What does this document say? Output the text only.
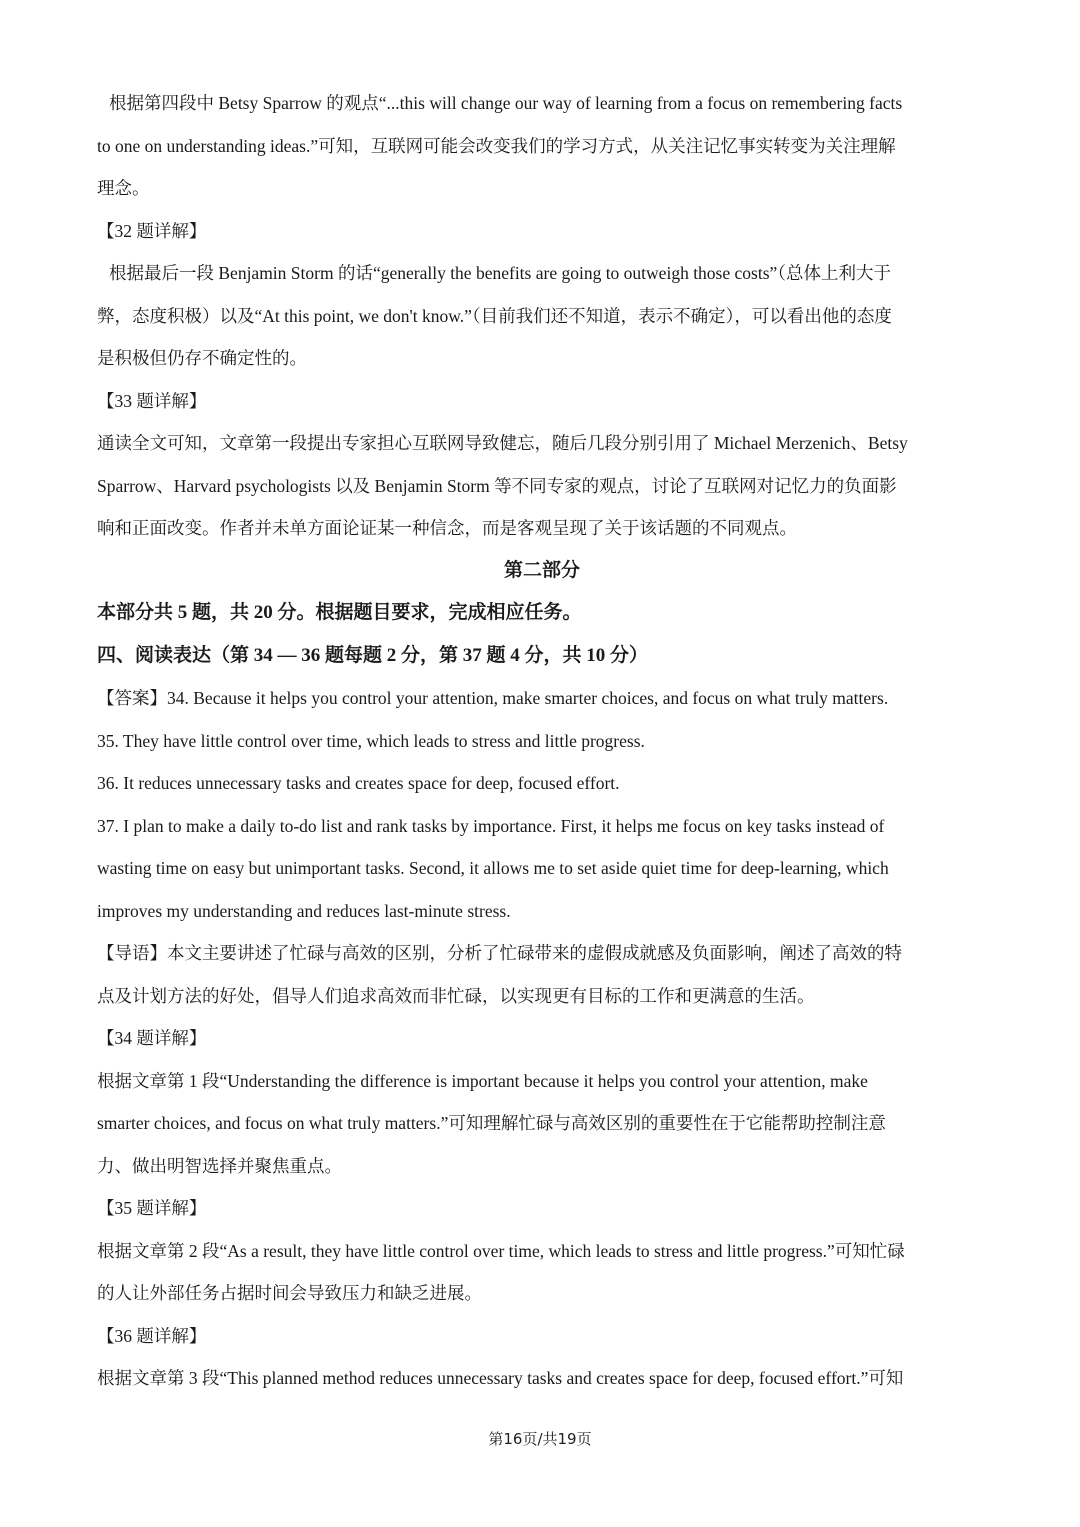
根据第四段中 Betsy Sparrow 的观点“...this will change our way of learning from a focus on remembering facts
to one on understanding ideas.”可知，互联网可能会改变我们的学习方式，从关注记忆事实转变为关注理解
理念。
【32 题详解】
根据最后一段 Benjamin Storm 的话“generally the benefits are going to outweigh those costs”（总体上利大于
弊，态度积极）以及“At this point, we don't know.”（目前我们还不知道，表示不确定），可以看出他的态度
是积极但仍存不确定性的。
【33 题详解】
通读全文可知，文章第一段提出专家担心互联网导致健忘，随后几段分别引用了 Michael Merzenich、Betsy
Sparrow、Harvard psychologists 以及 Benjamin Storm 等不同专家的观点，讨论了互联网对记忆力的负面影
响和正面改变。作者并未单方面论证某一种信念，而是客观呈现了关于该话题的不同观点。
第二部分
本部分共 5 题，共 20 分。根据题目要求，完成相应任务。
四、阅读表达（第 34 — 36 题每题 2 分，第 37 题 4 分，共 10 分）
【答案】34. Because it helps you control your attention, make smarter choices, and focus on what truly matters.
35. They have little control over time, which leads to stress and little progress.
36. It reduces unnecessary tasks and creates space for deep, focused effort.
37. I plan to make a daily to-do list and rank tasks by importance. First, it helps me focus on key tasks instead of
wasting time on easy but unimportant tasks. Second, it allows me to set aside quiet time for deep-learning, which
improves my understanding and reduces last-minute stress.
【导语】本文主要讲述了忙碌与高效的区别，分析了忙碌带来的虚假成就感及负面影响，阐述了高效的特
点及计划方法的好处，倡导人们追求高效而非忙碌，以实现更有目标的工作和更满意的生活。
【34 题详解】
根据文章第 1 段“Understanding the difference is important because it helps you control your attention, make
smarter choices, and focus on what truly matters.”可知理解忙碌与高效区别的重要性在于它能帮助控制注意
力、做出明智选择并聚焦重点。
【35 题详解】
根据文章第 2 段“As a result, they have little control over time, which leads to stress and little progress.”可知忙碌
的人让外部任务占据时间会导致压力和缺乏进展。
【36 题详解】
根据文章第 3 段“This planned method reduces unnecessary tasks and creates space for deep, focused effort.”可知
第16页/共19页
